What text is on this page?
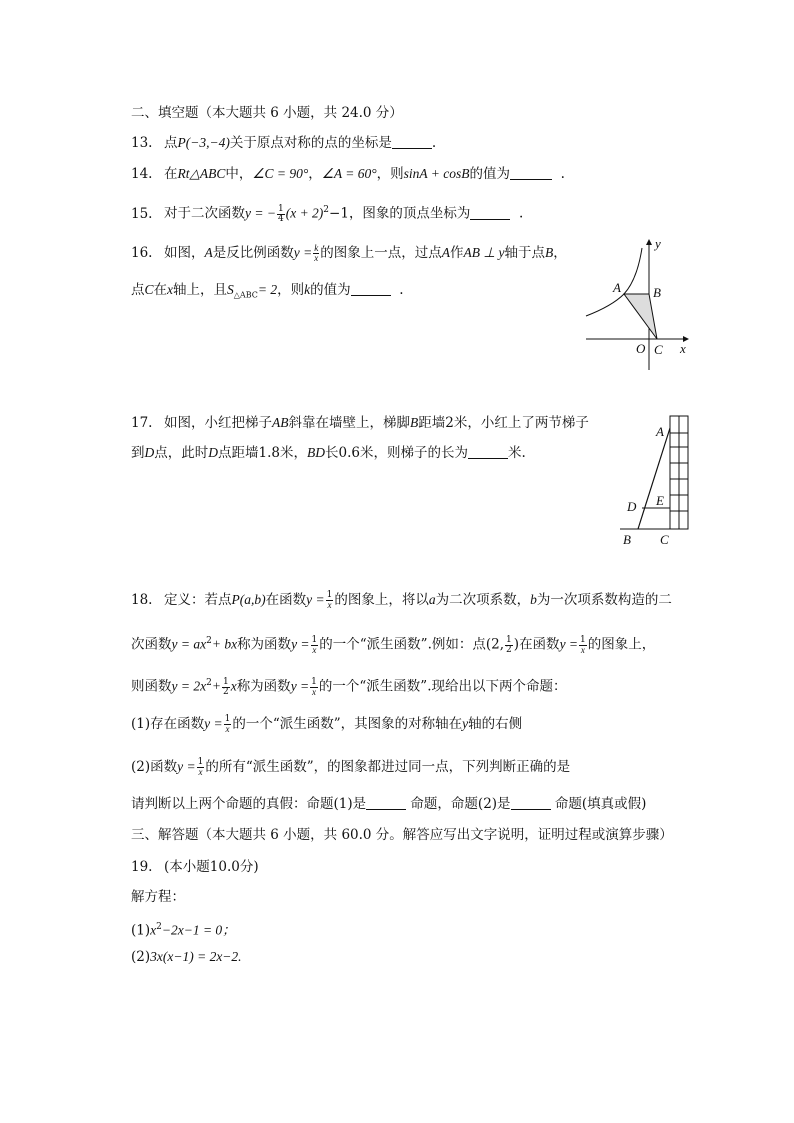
二、填空题（本大题共 6 小题，共 24.0 分）
13. 点P(−3,−4)关于原点对称的点的坐标是	.
14. 在Rt△ABC中，∠C = 90°，∠A = 60°，则sinA + cosB的值为	.
15. 对于二次函数y = − $\frac{1}{4} (x + 2)^2-1$，图象的顶点坐标为	.
16. 如图，A是反比例函数$y = \frac{k}{x}$ 的图象上一点，过点A作AB ⊥ y轴于点B，
点C在x轴上，且$S_{\triangle ABC}= 2$，则k的值为	.	A B
O C x
y
17. 如图，小红把梯子AB斜靠在墙壁上，梯脚B距墙2米，小红上了两节梯子
到D点，此时D点距墙1.8米，BD长0.6米，则梯子的长为	米.
A
D E
B C
18. 定义：若点P(a,b)在函数$y = \frac{1}{x}$ 的图象上，将以a为二次项系数，b为一次项系数构造的二
次函数$y = ax^2+$ bx称为函数$y = \frac{1}{x}$ 的一个“派生函数”.例如：点(2, $\frac{1}{2}$ )在函数$y = \frac{1}{x}$ 的图象上，
则函数$y = 2x^2+ \frac{1}{2}$ x称为函数$y = \frac{1}{x}$ 的一个“派生函数”.现给出以下两个命题：
(1)存在函数$y = \frac{1}{x}$ 的一个“派生函数”，其图象的对称轴在y轴的右侧
(2)函数$y = \frac{1}{x}$ 的所有“派生函数”，的图象都进过同一点，下列判断正确的是
请判断以上两个命题的真假：命题(1)是	命题，命题(2)是	命题(填真或假)
三、解答题（本大题共 6 小题，共 60.0 分。解答应写出文字说明，证明过程或演算步骤）
19. (本小题10.0分)
解方程：
$(1)x^2-2x-1 = 0$；
(2)3x(x−1) = 2x−2.
